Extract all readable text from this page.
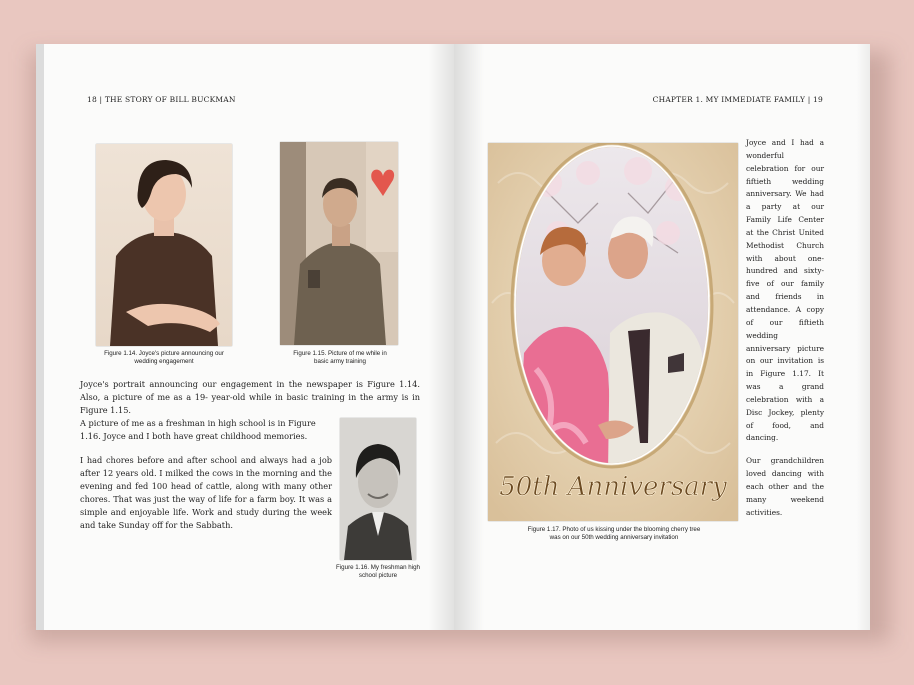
18 | THE STORY OF BILL BUCKMAN
Figure 1.14. Joyce's picture announcing our wedding engagement
Figure 1.15. Picture of me while in basic army training

Joyce's portrait announcing our engagement in the newspaper is Figure 1.14. Also, a picture of me as a 19- year-old while in basic training in the army is in Figure 1.15.

A picture of me as a freshman in high school is in Figure 1.16. Joyce and I both have great childhood memories.

I had chores before and after school and always had a job after 12 years old. I milked the cows in the morning and the evening and fed 100 head of cattle, along with many other chores. That was just the way of life for a farm boy. It was a simple and enjoyable life. Work and study during the week and take Sunday off for the Sabbath.

Figure 1.16. My freshman high school picture
CHAPTER 1. MY IMMEDIATE FAMILY | 19
50th Anniversary
Figure 1.17. Photo of us kissing under the blooming cherry tree was on our 50th wedding anniversary invitation

Joyce and I had a wonderful celebration for our fiftieth wedding anniversary. We had a party at our Family Life Center at the Christ United Methodist Church with about one-hundred and sixty-five of our family and friends in attendance. A copy of our fiftieth wedding anniversary picture on our invitation is in Figure 1.17. It was a grand celebration with a Disc Jockey, plenty of food, and dancing.

Our grandchildren loved dancing with each other and the many weekend activities.
